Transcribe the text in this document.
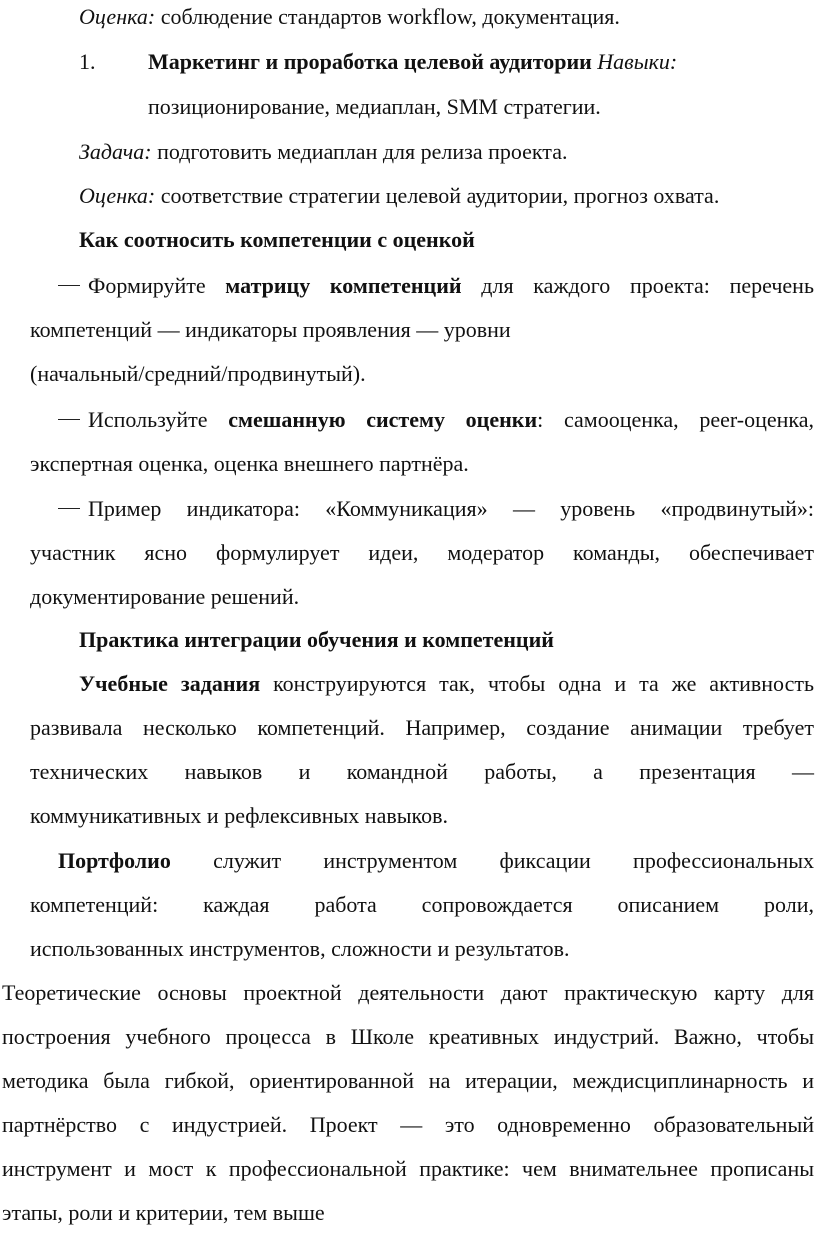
Оценка: соблюдение стандартов workflow, документация.
1. Маркетинг и проработка целевой аудитории Навыки:
позиционирование, медиаплан, SMM стратегии.
Задача: подготовить медиаплан для релиза проекта.
Оценка: соответствие стратегии целевой аудитории, прогноз охвата.
Как соотносить компетенции с оценкой
Формируйте матрицу компетенций для каждого проекта: перечень
компетенций — индикаторы проявления — уровни
(начальный/средний/продвинутый).
Используйте смешанную системy оценки: самооценка, peer-оценка,
экспертная оценка, оценка внешнего партнёра.
Пример индикатора: «Коммуникация» — уровень «продвинутый»:
участник ясно формулирует идеи, модератор команды, обеспечивает
документирование решений.
Практика интеграции обучения и компетенций
Учебные задания конструируются так, чтобы одна и та же активность
развивала несколько компетенций. Например, создание анимации требует
технических навыков и командной работы, а презентация —
коммуникативных и рефлексивных навыков.
Портфолио служит инструментом фиксации профессиональных
компетенций: каждая работа сопровождается описанием роли,
использованных инструментов, сложности и результатов.
Теоретические основы проектной деятельности дают практическую карту для
построения учебного процесса в Школе креативных индустрий. Важно, чтобы
методика была гибкой, ориентированной на итерации, междисциплинарность и
партнёрство с индустрией. Проект — это одновременно образовательный
инструмент и мост к профессиональной практике: чем внимательнее прописаны
этапы, роли и критерии, тем выше
